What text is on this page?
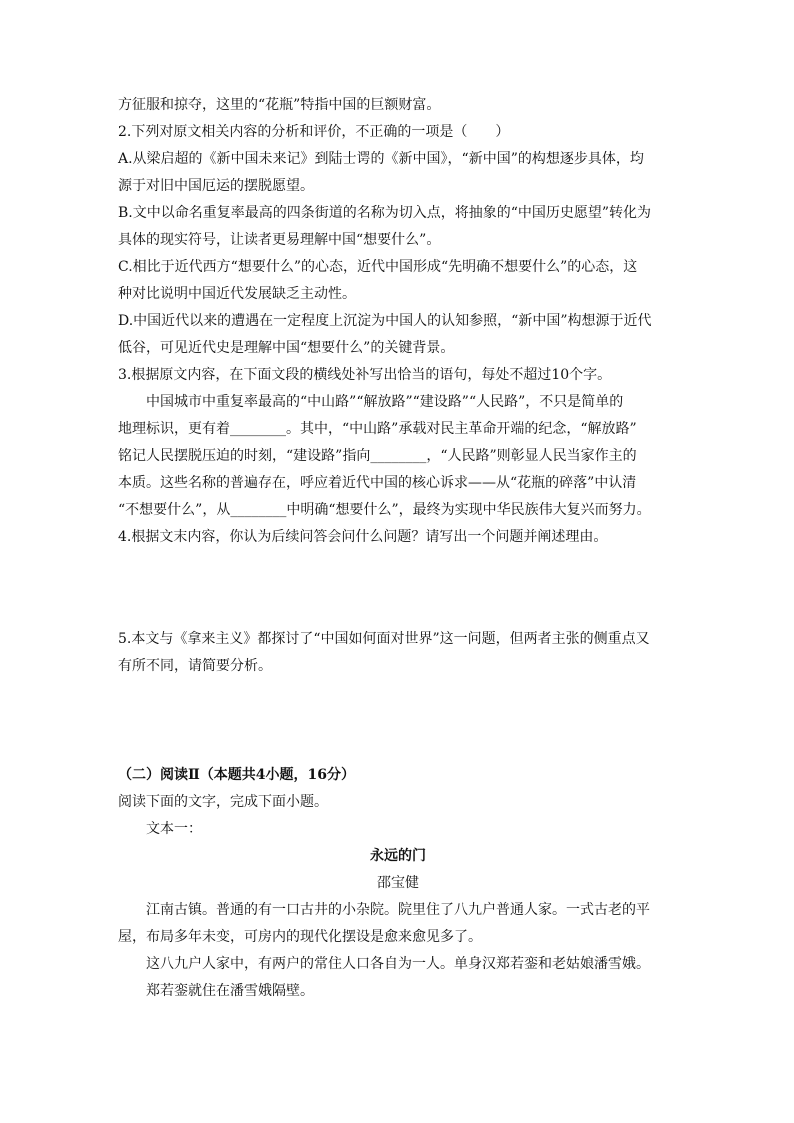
方征服和掠夺，这里的“花瓶”特指中国的巨额财富。
2.下列对原文相关内容的分析和评价，不正确的一项是（　　）
A.从梁启超的《新中国未来记》到陆士谔的《新中国》，“新中国”的构想逐步具体，均
源于对旧中国厄运的摆脱愿望。
B.文中以命名重复率最高的四条街道的名称为切入点，将抽象的“中国历史愿望”转化为
具体的现实符号，让读者更易理解中国“想要什么”。
C.相比于近代西方“想要什么”的心态，近代中国形成“先明确不想要什么”的心态，这
种对比说明中国近代发展缺乏主动性。
D.中国近代以来的遭遇在一定程度上沉淀为中国人的认知参照，“新中国”构想源于近代
低谷，可见近代史是理解中国“想要什么”的关键背景。
3.根据原文内容，在下面文段的横线处补写出恰当的语句，每处不超过10个字。
中国城市中重复率最高的“中山路”“解放路”“建设路”“人民路”，不只是简单的
地理标识，更有着________。其中，“中山路”承载对民主革命开端的纪念，“解放路”
铭记人民摆脱压迫的时刻，“建设路”指向________，“人民路”则彰显人民当家作主的
本质。这些名称的普遍存在，呼应着近代中国的核心诉求——从“花瓶的碎落”中认清
“不想要什么”，从________中明确“想要什么”，最终为实现中华民族伟大复兴而努力。
4.根据文末内容，你认为后续问答会问什么问题？请写出一个问题并阐述理由。
5.本文与《拿来主义》都探讨了“中国如何面对世界”这一问题，但两者主张的侧重点又
有所不同，请简要分析。
（二）阅读Ⅱ（本题共4小题，16分）
阅读下面的文字，完成下面小题。
文本一：
永远的门
邵宝健
江南古镇。普通的有一口古井的小杂院。院里住了八九户普通人家。一式古老的平
屋，布局多年未变，可房内的现代化摆设是愈来愈见多了。
这八九户人家中，有两户的常住人口各自为一人。单身汉郑若銮和老姑娘潘雪娥。
郑若銮就住在潘雪娥隔壁。
